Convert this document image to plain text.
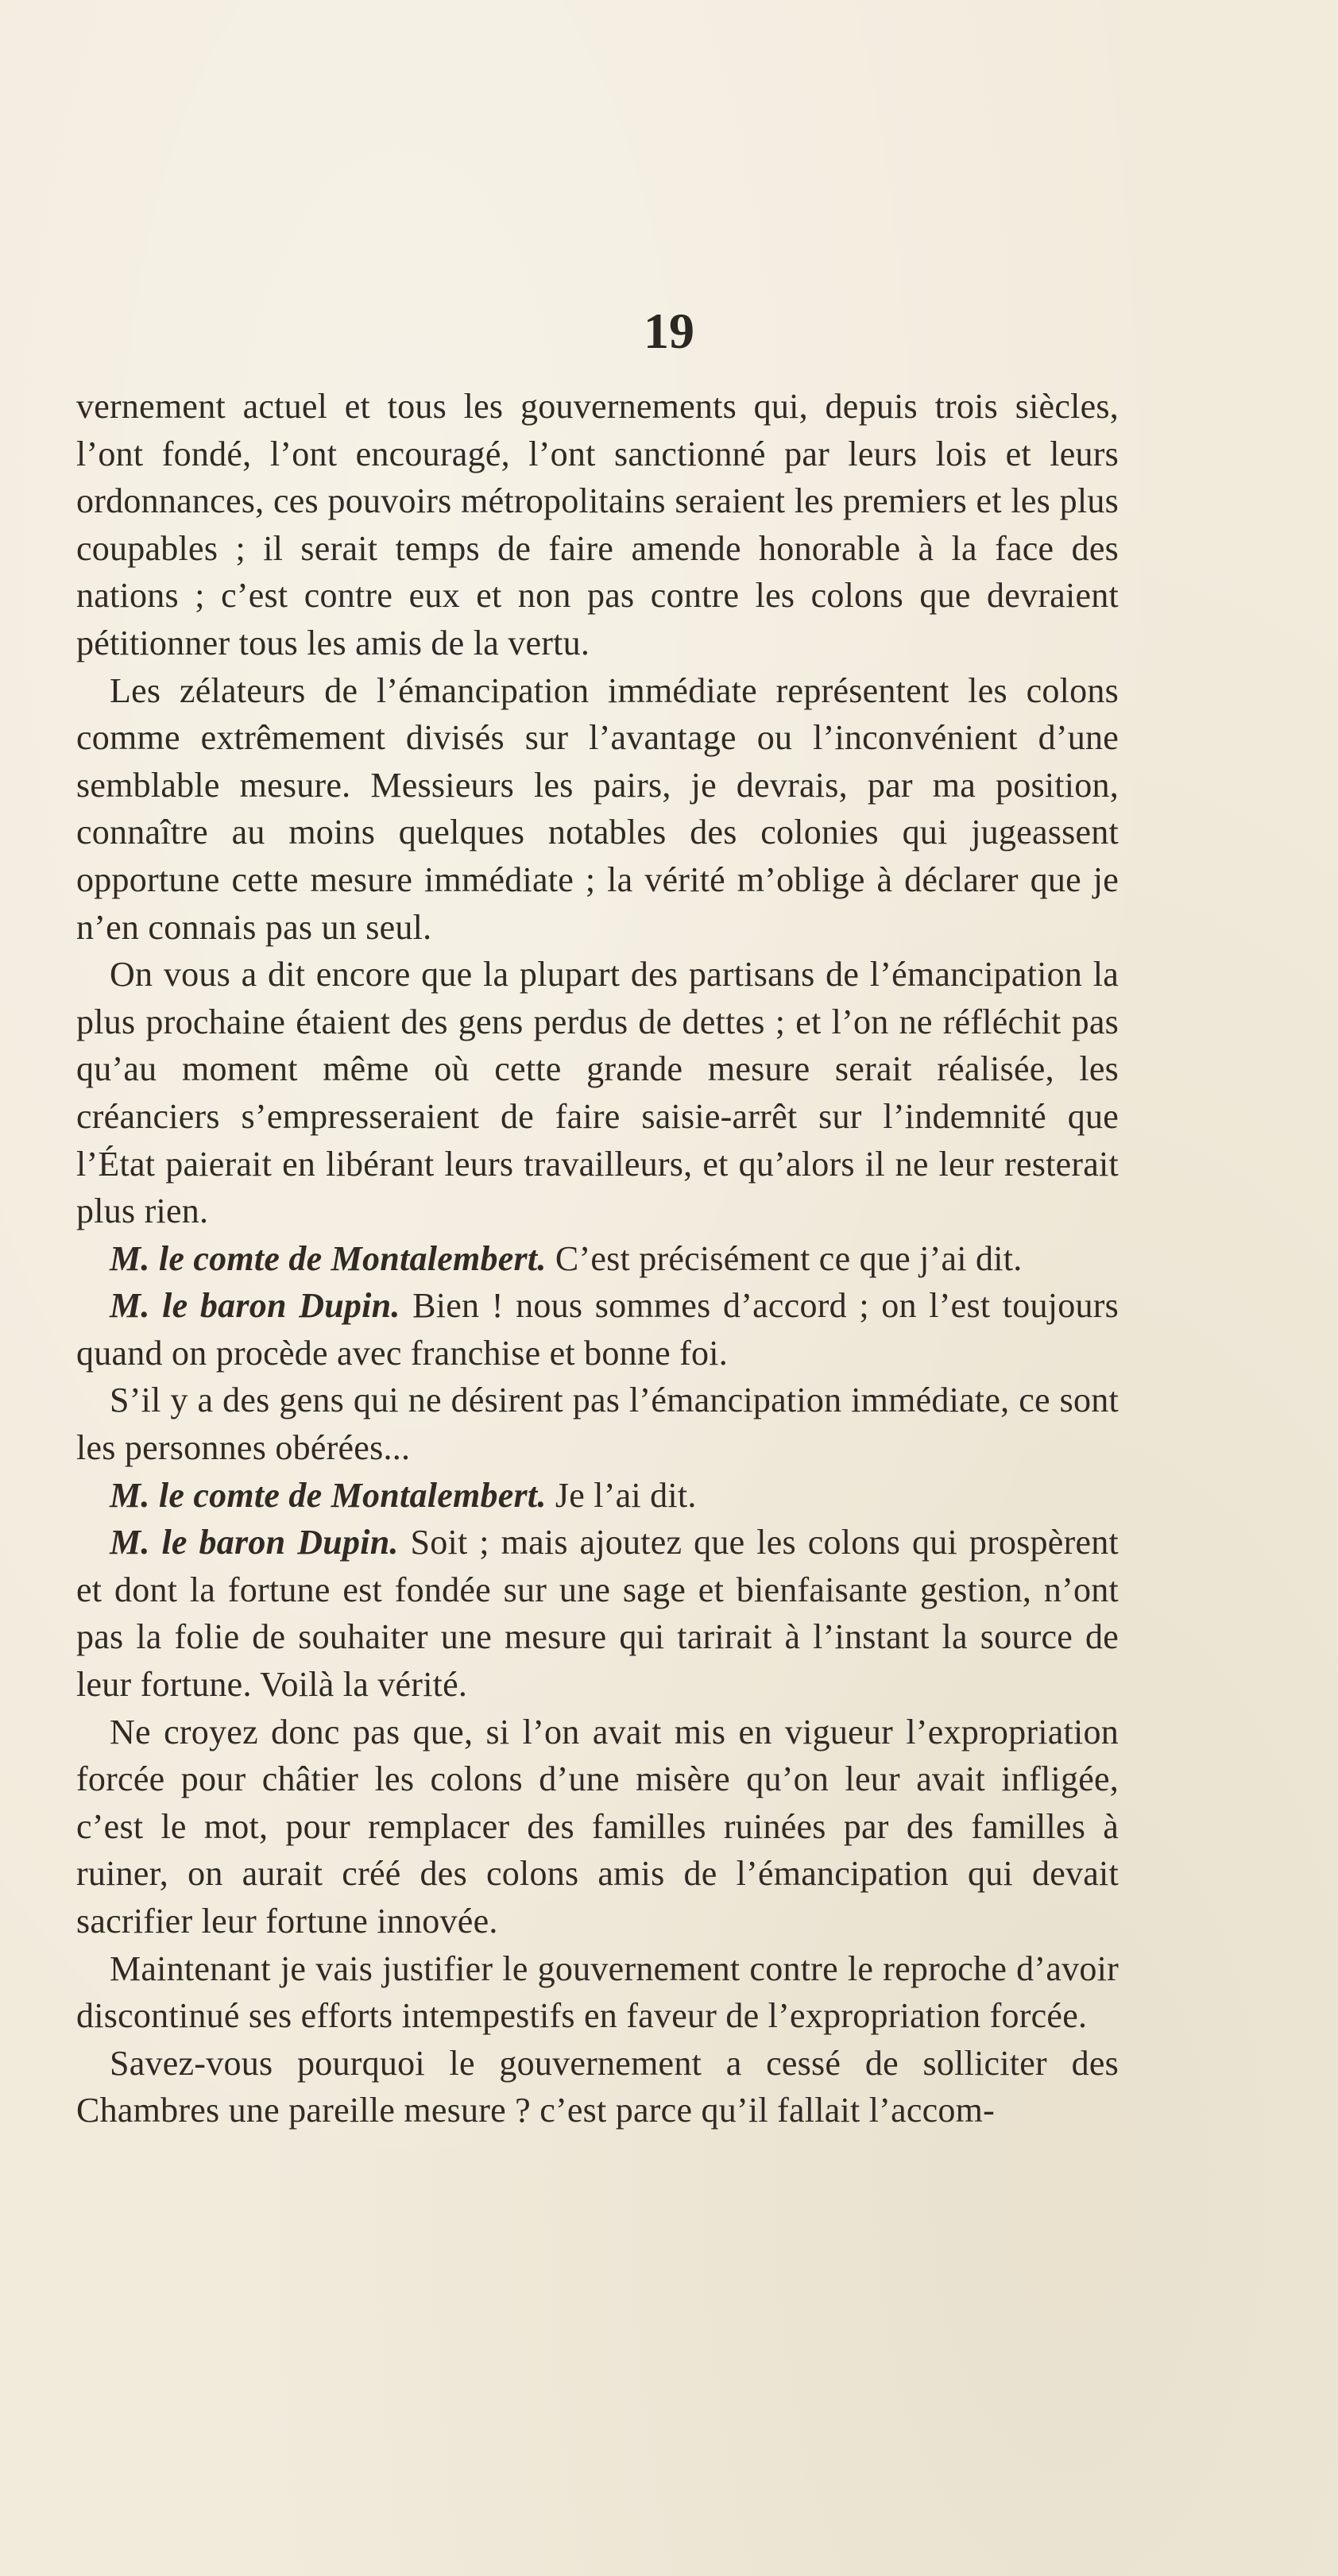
19

vernement actuel et tous les gouvernements qui, depuis trois siècles, l’ont fondé, l’ont encouragé, l’ont sanctionné par leurs lois et leurs ordonnances, ces pouvoirs métropolitains seraient les premiers et les plus coupables ; il serait temps de faire amende honorable à la face des nations ; c’est contre eux et non pas contre les colons que devraient pétitionner tous les amis de la vertu.

Les zélateurs de l’émancipation immédiate représentent les colons comme extrêmement divisés sur l’avantage ou l’inconvénient d’une semblable mesure. Messieurs les pairs, je devrais, par ma position, connaître au moins quelques notables des colonies qui jugeassent opportune cette mesure immédiate ; la vérité m’oblige à déclarer que je n’en connais pas un seul.

On vous a dit encore que la plupart des partisans de l’émancipation la plus prochaine étaient des gens perdus de dettes ; et l’on ne réfléchit pas qu’au moment même où cette grande mesure serait réalisée, les créanciers s’empresseraient de faire saisie-arrêt sur l’indemnité que l’État paierait en libérant leurs travailleurs, et qu’alors il ne leur resterait plus rien.

M. le comte de Montalembert. C’est précisément ce que j’ai dit.

M. le baron Dupin. Bien ! nous sommes d’accord ; on l’est toujours quand on procède avec franchise et bonne foi.

S’il y a des gens qui ne désirent pas l’émancipation immédiate, ce sont les personnes obérées...

M. le comte de Montalembert. Je l’ai dit.

M. le baron Dupin. Soit ; mais ajoutez que les colons qui prospèrent et dont la fortune est fondée sur une sage et bienfaisante gestion, n’ont pas la folie de souhaiter une mesure qui tarirait à l’instant la source de leur fortune. Voilà la vérité.

Ne croyez donc pas que, si l’on avait mis en vigueur l’expropriation forcée pour châtier les colons d’une misère qu’on leur avait infligée, c’est le mot, pour remplacer des familles ruinées par des familles à ruiner, on aurait créé des colons amis de l’émancipation qui devait sacrifier leur fortune innovée.

Maintenant je vais justifier le gouvernement contre le reproche d’avoir discontinué ses efforts intempestifs en faveur de l’expropriation forcée.

Savez-vous pourquoi le gouvernement a cessé de solliciter des Chambres une pareille mesure ? c’est parce qu’il fallait l’accom-
